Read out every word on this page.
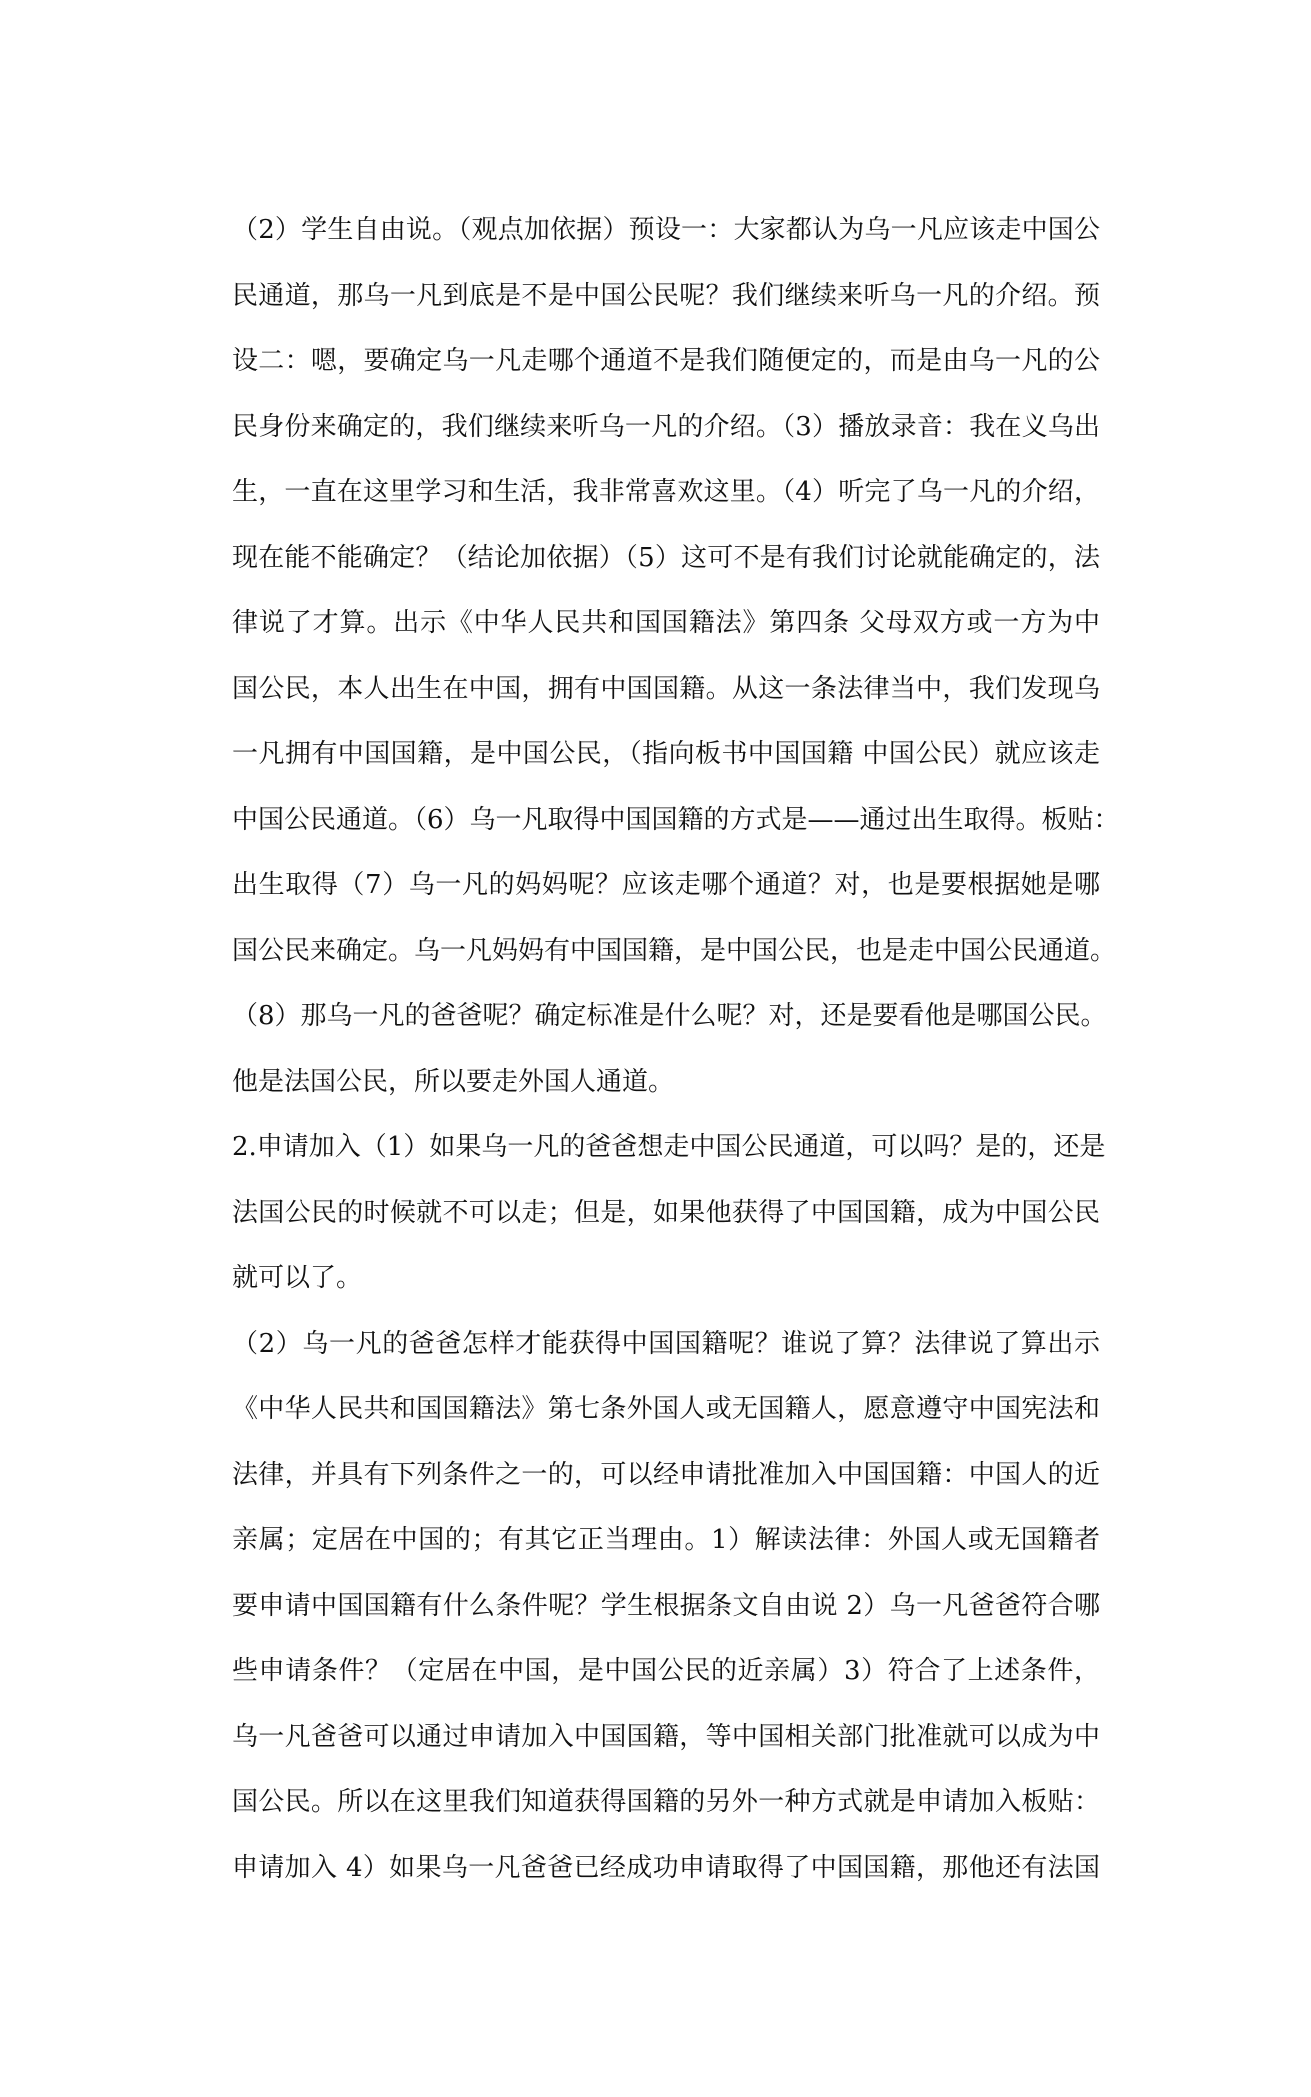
（2）学生自由说。（观点加依据）预设一：大家都认为乌一凡应该走中国公
民通道，那乌一凡到底是不是中国公民呢？我们继续来听乌一凡的介绍。预
设二：嗯，要确定乌一凡走哪个通道不是我们随便定的，而是由乌一凡的公
民身份来确定的，我们继续来听乌一凡的介绍。（3）播放录音：我在义乌出
生，一直在这里学习和生活，我非常喜欢这里。（4）听完了乌一凡的介绍，
现在能不能确定？（结论加依据）（5）这可不是有我们讨论就能确定的，法
律说了才算。出示《中华人民共和国国籍法》第四条 父母双方或一方为中
国公民，本人出生在中国，拥有中国国籍。从这一条法律当中，我们发现乌
一凡拥有中国国籍，是中国公民，（指向板书中国国籍 中国公民）就应该走
中国公民通道。（6）乌一凡取得中国国籍的方式是——通过出生取得。板贴：
出生取得（7）乌一凡的妈妈呢？应该走哪个通道？对，也是要根据她是哪
国公民来确定。乌一凡妈妈有中国国籍，是中国公民，也是走中国公民通道。
（8）那乌一凡的爸爸呢？确定标准是什么呢？对，还是要看他是哪国公民。
他是法国公民，所以要走外国人通道。
2.申请加入（1）如果乌一凡的爸爸想走中国公民通道，可以吗？是的，还是
法国公民的时候就不可以走；但是，如果他获得了中国国籍，成为中国公民
就可以了。
（2）乌一凡的爸爸怎样才能获得中国国籍呢？谁说了算？法律说了算出示
《中华人民共和国国籍法》第七条外国人或无国籍人，愿意遵守中国宪法和
法律，并具有下列条件之一的，可以经申请批准加入中国国籍：中国人的近
亲属；定居在中国的；有其它正当理由。1）解读法律：外国人或无国籍者
要申请中国国籍有什么条件呢？学生根据条文自由说 2）乌一凡爸爸符合哪
些申请条件？（定居在中国，是中国公民的近亲属）3）符合了上述条件，
乌一凡爸爸可以通过申请加入中国国籍，等中国相关部门批准就可以成为中
国公民。所以在这里我们知道获得国籍的另外一种方式就是申请加入板贴：
申请加入 4）如果乌一凡爸爸已经成功申请取得了中国国籍，那他还有法国
